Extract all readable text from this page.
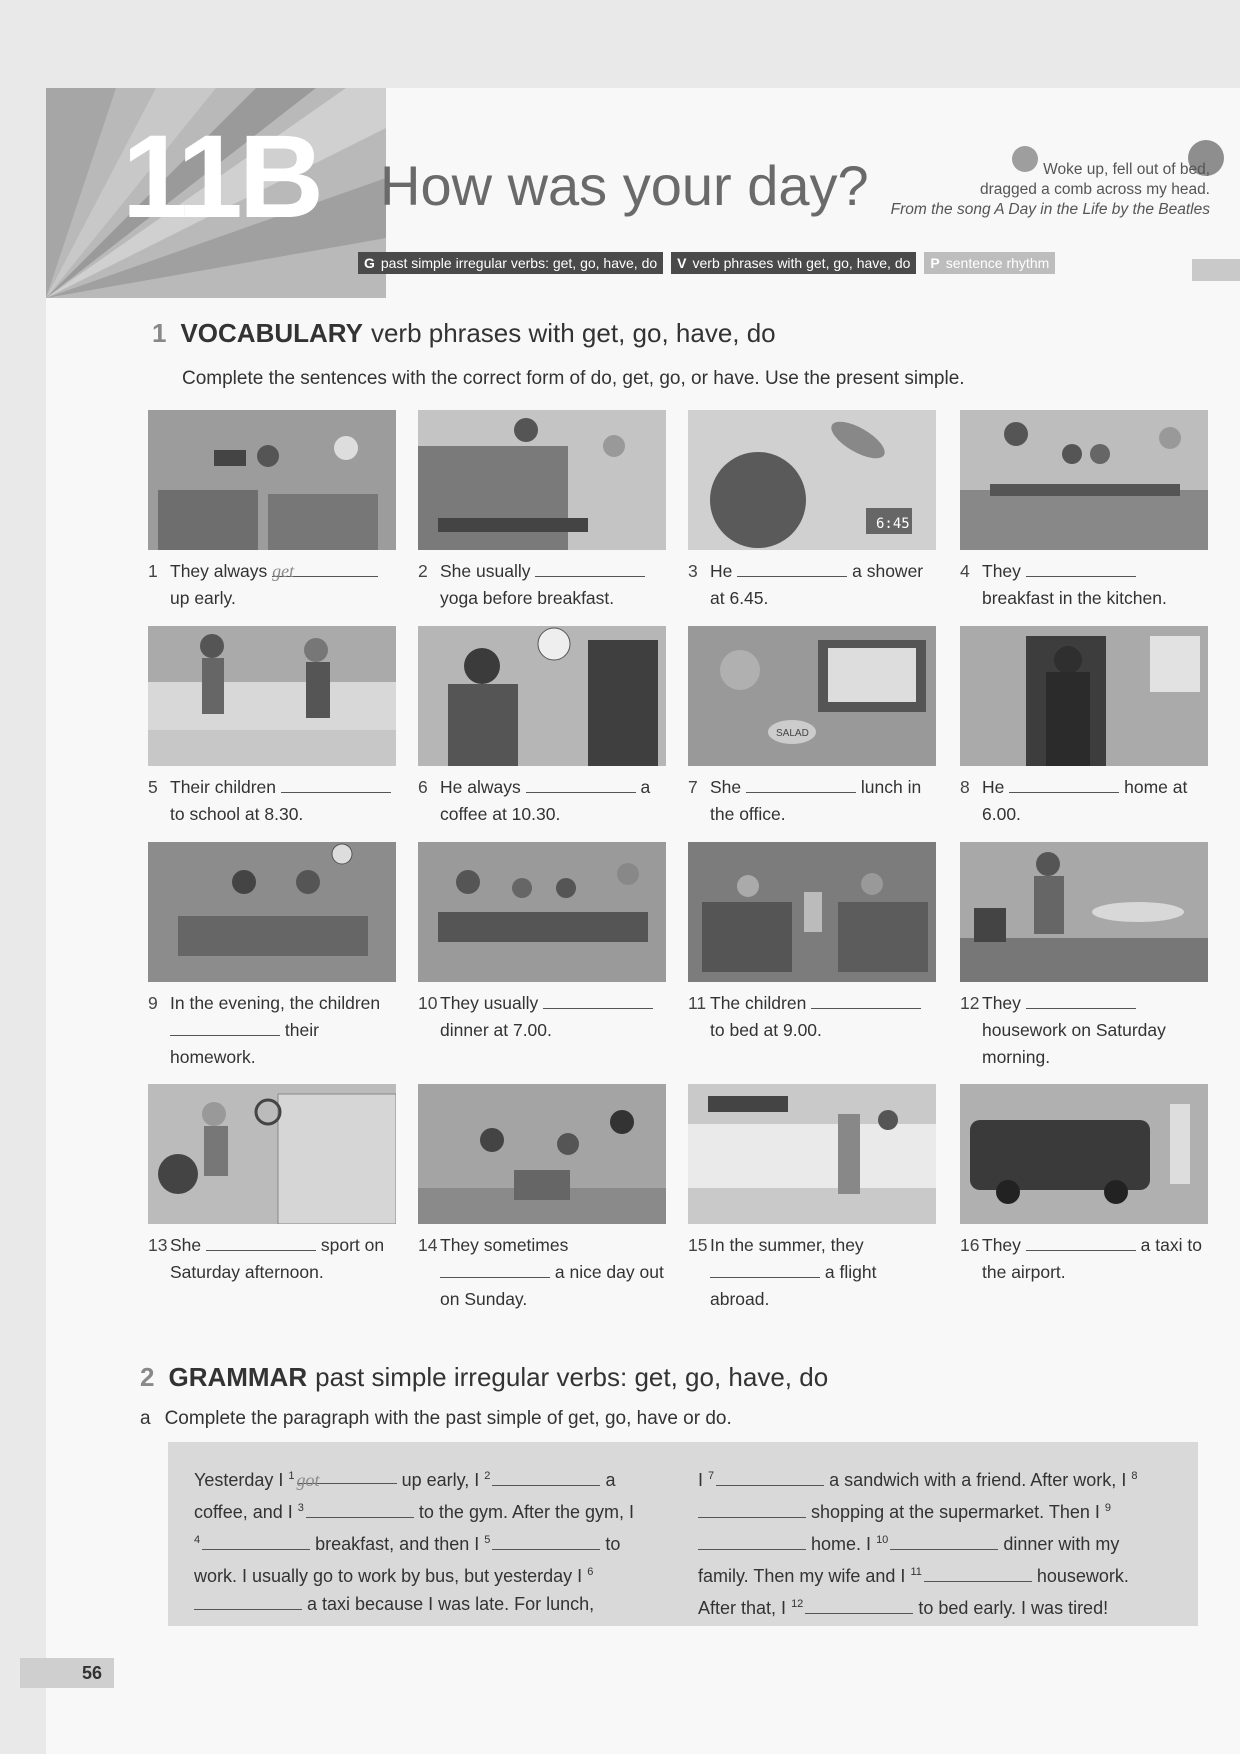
11B How was your day?	Woke up, fell out of bed,
dragged a comb across my head.
From the song A Day in the Life by the Beatles
G past simple irregular verbs: get, go, have, do V verb phrases with get, go, have, do P sentence rhythm
1 VOCABULARY verb phrases with get, go, have, do
Complete the sentences with the correct form of do, get, go, or have. Use the present simple.
1 They always get up early.
2 She usually  yoga before breakfast.
6:45
3 He	a shower at 6.45.
4 They  breakfast in the kitchen.
5 Their children  to school at 8.30.
6 He always	a coffee at 10.30.
SALAD
7 She	lunch in the office.
8 He	home at 6.00.
9 In the evening, the children  their homework.
10 They usually  dinner at 7.00.
11 The children  to bed at 9.00.
12 They  housework on Saturday morning.
13 She	sport on Saturday afternoon.
14 They sometimes  a nice day out on Sunday.
15 In the summer, they  a flight abroad.
16 They	a taxi to the airport.
2 GRAMMAR past simple irregular verbs: get, go, have, do
a Complete the paragraph with the past simple of get, go, have or do.
Yesterday I $^1$ got	up early, I $^2$	a coffee, and I $^3$	to the gym. After the gym, I $^4$	breakfast, and then I $^5$	to work. I usually go to work by bus, but yesterday I $^6$ a taxi because I was late. For lunch,
I $^7$	a sandwich with a friend. After work, I $^8$ shopping at the supermarket. Then I $^9$ home. I $^{10}$	dinner with my family. Then my wife and I $^{11}$	housework. After that, I $^{12}$	to bed early. I was tired!
56
